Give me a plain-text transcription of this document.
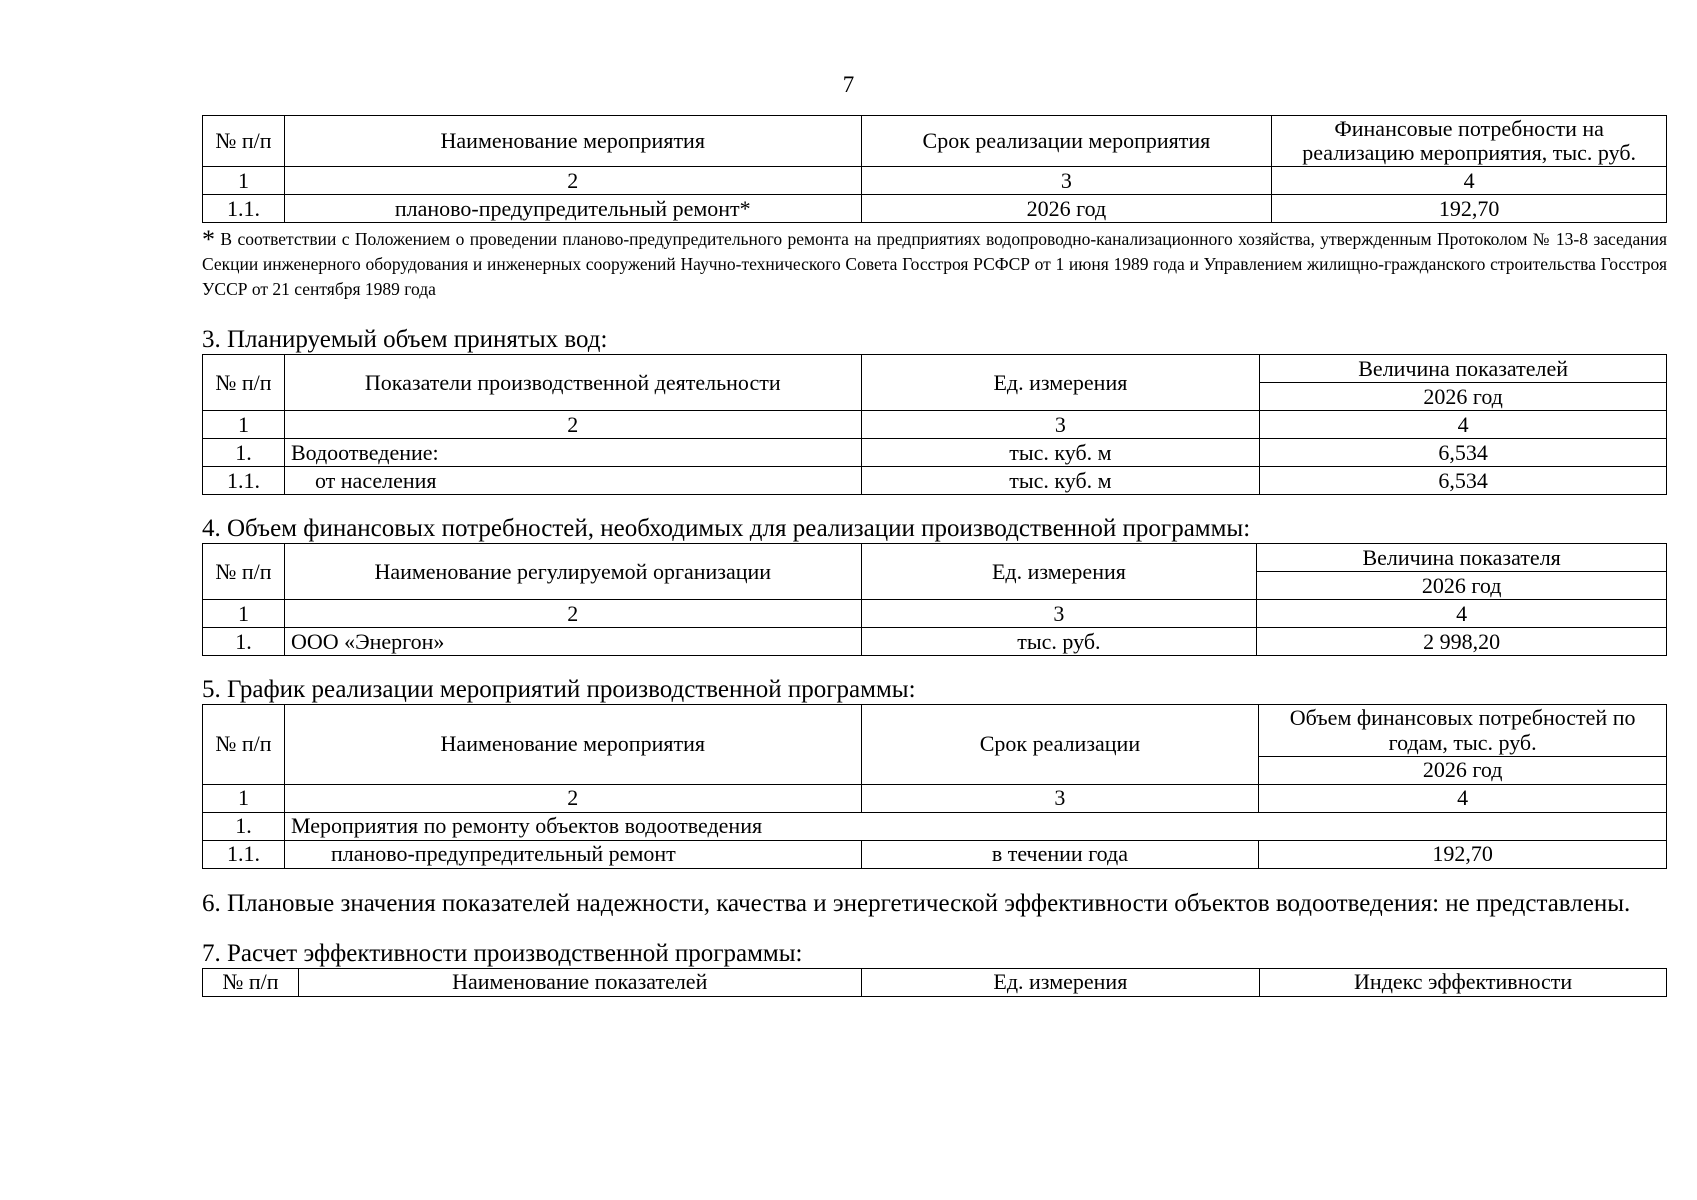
7
№ п/п	Наименование мероприятия	Срок реализации мероприятия	Финансовые потребности на реализацию мероприятия, тыс. руб.
1	2	3	4
1.1.	планово-предупредительный ремонт*	2026 год	192,70
* В соответствии с Положением о проведении планово-предупредительного ремонта на предприятиях водопроводно-канализационного хозяйства, утвержденным Протоколом № 13-8 заседания Секции инженерного оборудования и инженерных сооружений Научно-технического Совета Госстроя РСФСР от 1 июня 1989 года и Управлением жилищно-гражданского строительства Госстроя УССР от 21 сентября 1989 года

3. Планируемый объем принятых вод:

№ п/п	Показатели производственной деятельности	Ед. измерения	Величина показателей
			2026 год
1	2	3	4
1.	Водоотведение:	тыс. куб. м	6,534
1.1.	от населения	тыс. куб. м	6,534

4. Объем финансовых потребностей, необходимых для реализации производственной программы:

№ п/п	Наименование регулируемой организации	Ед. измерения	Величина показателя
			2026 год
1	2	3	4
1.	ООО «Энергон»	тыс. руб.	2 998,20

5. График реализации мероприятий производственной программы:

№ п/п	Наименование мероприятия	Срок реализации	Объем финансовых потребностей по годам, тыс. руб.
			2026 год
1	2	3	4
1.	Мероприятия по ремонту объектов водоотведения		
1.1.	планово-предупредительный ремонт	в течении года	192,70

6. Плановые значения показателей надежности, качества и энергетической эффективности объектов водоотведения: не представлены.

7. Расчет эффективности производственной программы:

№ п/п	Наименование показателей	Ед. измерения	Индекс эффективности
